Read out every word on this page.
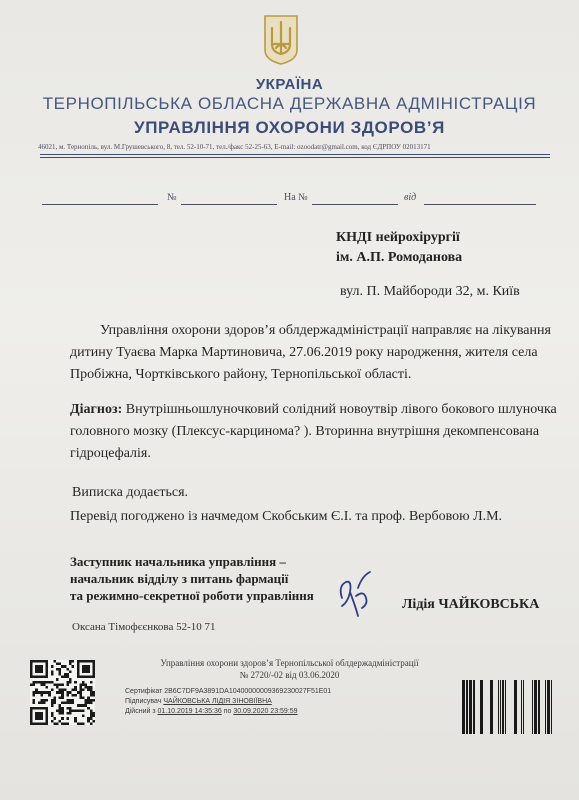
УКРАЇНА
ТЕРНОПІЛЬСЬКА ОБЛАСНА ДЕРЖАВНА АДМІНІСТРАЦІЯ
УПРАВЛІННЯ ОХОРОНИ ЗДОРОВ’Я
46021, м. Тернопіль, вул. М.Грушевського, 8, тел. 52-10-71, тел./факс 52-25-63, E-mail: ozoodatr@gmail.com, код ЄДРПОУ 02013171
№	На №	від
КНДІ нейрохірургії
ім. А.П. Ромоданова
вул. П. Майбороди 32, м. Київ
Управління охорони здоров’я облдержадміністрації направляє на лікування
дитину Туаєва Марка Мартиновича, 27.06.2019 року народження, жителя села
Пробіжна, Чортківського району, Тернопільської області.
Діагноз: Внутрішньошлуночковий солідний новоутвір лівого бокового шлуночка
головного мозку (Плексус-карцинома? ). Вторинна внутрішня декомпенсована
гідроцефалія.
Виписка додається.
Перевід погоджено із начмедом Скобським Є.І. та проф. Вербовою Л.М.
Заступник начальника управління –
начальник відділу з питань фармації
та режимно-секретної роботи управління
Лідія ЧАЙКОВСЬКА
Оксана Тімофєєнкова 52-10 71
Управління охорони здоров’я Тернопільської облдержадміністрації
№ 2720/-02 від 03.06.2020
Сертифікат 2B6C7DF9A3891DA10400000009369230027F51E01
Підписувач ЧАЙКОВСЬКА ЛІДІЯ ЗІНОВІЇВНА
Дійсний з 01.10.2019 14:35:36 по 30.09.2020 23:59:59
